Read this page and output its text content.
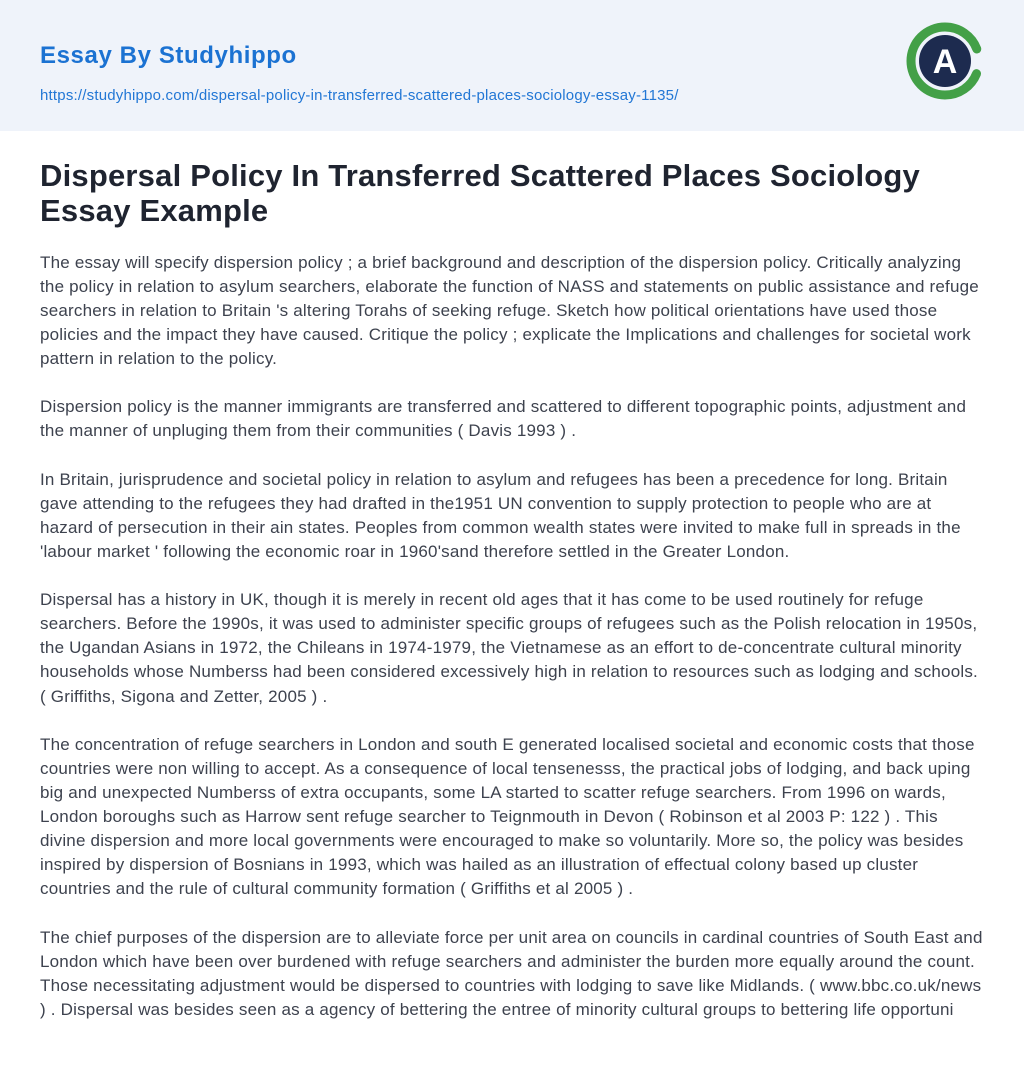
Essay By Studyhippo
https://studyhippo.com/dispersal-policy-in-transferred-scattered-places-sociology-essay-1135/
A
Dispersal Policy In Transferred Scattered Places Sociology Essay Example

The essay will specify dispersion policy ; a brief background and description of the dispersion policy. Critically analyzing the policy in relation to asylum searchers, elaborate the function of NASS and statements on public assistance and refuge searchers in relation to Britain 's altering Torahs of seeking refuge. Sketch how political orientations have used those policies and the impact they have caused. Critique the policy ; explicate the Implications and challenges for societal work pattern in relation to the policy.

Dispersion policy is the manner immigrants are transferred and scattered to different topographic points, adjustment and the manner of unpluging them from their communities ( Davis 1993 ) .

In Britain, jurisprudence and societal policy in relation to asylum and refugees has been a precedence for long. Britain gave attending to the refugees they had drafted in the1951 UN convention to supply protection to people who are at hazard of persecution in their ain states. Peoples from common wealth states were invited to make full in spreads in the 'labour market ' following the economic roar in 1960'sand therefore settled in the Greater London.

Dispersal has a history in UK, though it is merely in recent old ages that it has come to be used routinely for refuge searchers. Before the 1990s, it was used to administer specific groups of refugees such as the Polish relocation in 1950s, the Ugandan Asians in 1972, the Chileans in 1974-1979, the Vietnamese as an effort to de-concentrate cultural minority households whose Numberss had been considered excessively high in relation to resources such as lodging and schools. ( Griffiths, Sigona and Zetter, 2005 ) .

The concentration of refuge searchers in London and south E generated localised societal and economic costs that those countries were non willing to accept. As a consequence of local tensenesss, the practical jobs of lodging, and back uping big and unexpected Numberss of extra occupants, some LA started to scatter refuge searchers. From 1996 on wards, London boroughs such as Harrow sent refuge searcher to Teignmouth in Devon ( Robinson et al 2003 P: 122 ) . This divine dispersion and more local governments were encouraged to make so voluntarily. More so, the policy was besides inspired by dispersion of Bosnians in 1993, which was hailed as an illustration of effectual colony based up cluster countries and the rule of cultural community formation ( Griffiths et al 2005 ) .

The chief purposes of the dispersion are to alleviate force per unit area on councils in cardinal countries of South East and London which have been over burdened with refuge searchers and administer the burden more equally around the count. Those necessitating adjustment would be dispersed to countries with lodging to save like Midlands. ( www.bbc.co.uk/news ) . Dispersal was besides seen as a agency of bettering the entree of minority cultural groups to bettering life opportuni
